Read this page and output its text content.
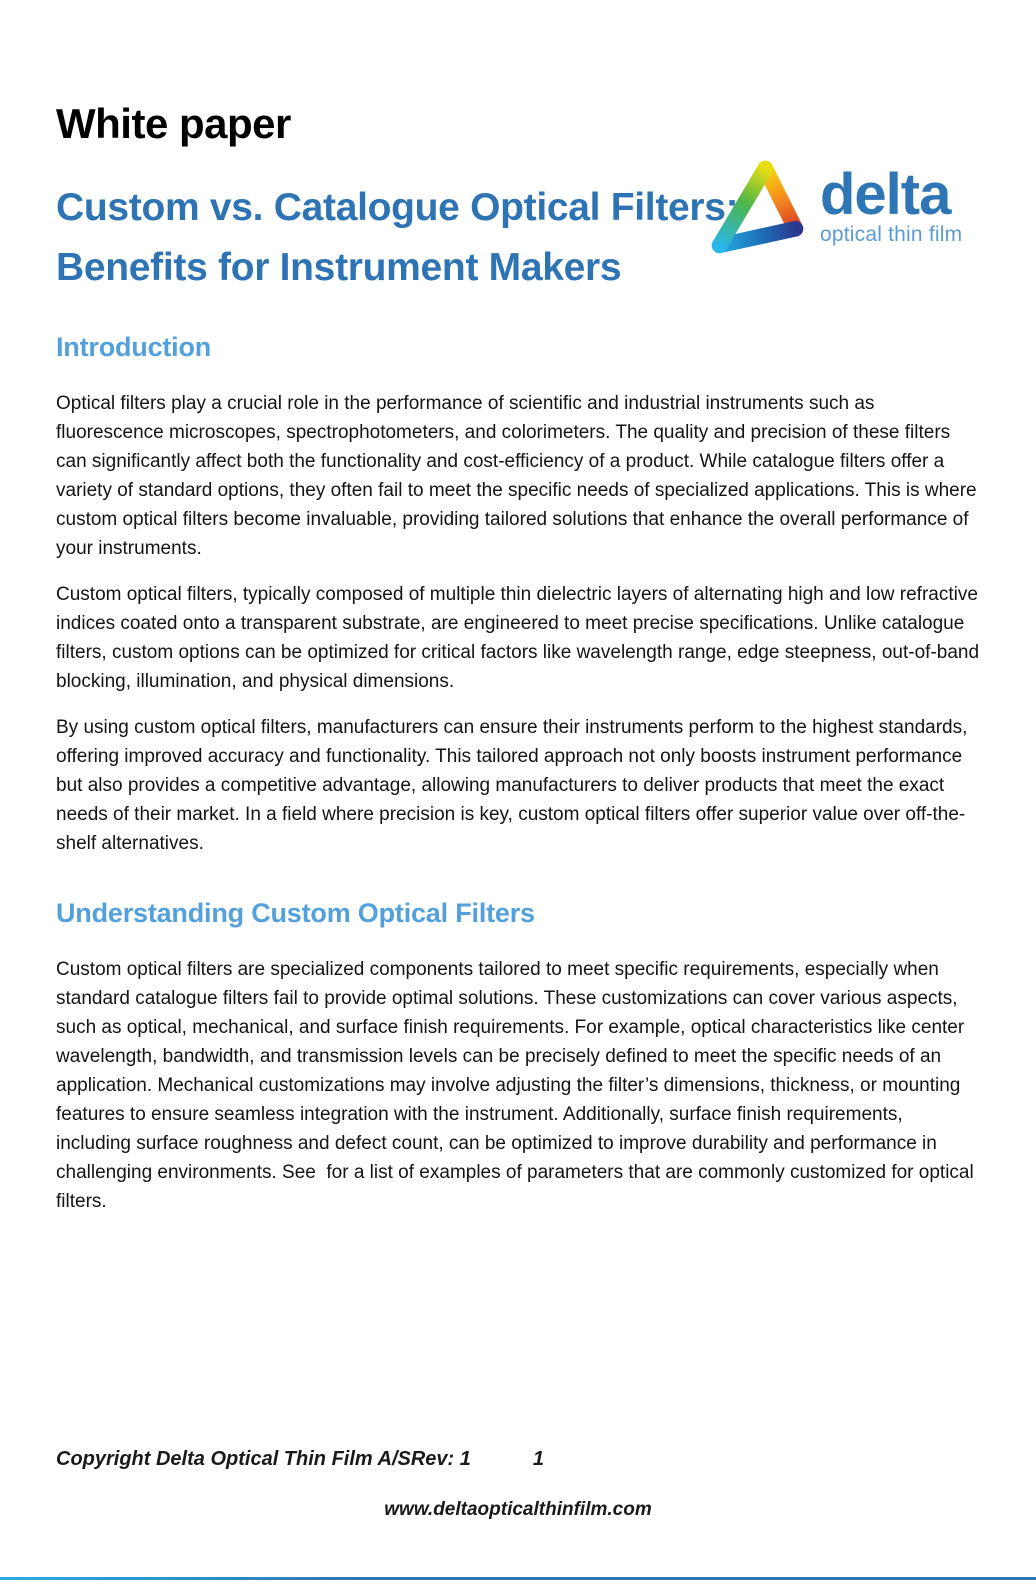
delta
optical thin film
White paper
Custom vs. Catalogue Optical Filters:
Benefits for Instrument Makers
Introduction

Optical filters play a crucial role in the performance of scientific and industrial instruments such as fluorescence microscopes, spectrophotometers, and colorimeters. The quality and precision of these filters can significantly affect both the functionality and cost-efficiency of a product. While catalogue filters offer a variety of standard options, they often fail to meet the specific needs of specialized applications. This is where custom optical filters become invaluable, providing tailored solutions that enhance the overall performance of your instruments.

Custom optical filters, typically composed of multiple thin dielectric layers of alternating high and low refractive indices coated onto a transparent substrate, are engineered to meet precise specifications. Unlike catalogue filters, custom options can be optimized for critical factors like wavelength range, edge steepness, out-of-band blocking, illumination, and physical dimensions.

By using custom optical filters, manufacturers can ensure their instruments perform to the highest standards, offering improved accuracy and functionality. This tailored approach not only boosts instrument performance but also provides a competitive advantage, allowing manufacturers to deliver products that meet the exact needs of their market. In a field where precision is key, custom optical filters offer superior value over off-the-shelf alternatives.

Understanding Custom Optical Filters

Custom optical filters are specialized components tailored to meet specific requirements, especially when standard catalogue filters fail to provide optimal solutions. These customizations can cover various aspects, such as optical, mechanical, and surface finish requirements. For example, optical characteristics like center wavelength, bandwidth, and transmission levels can be precisely defined to meet the specific needs of an application. Mechanical customizations may involve adjusting the filter’s dimensions, thickness, or mounting features to ensure seamless integration with the instrument. Additionally, surface finish requirements, including surface roughness and defect count, can be optimized to improve durability and performance in challenging environments. See  for a list of examples of parameters that are commonly customized for optical filters.

Copyright Delta Optical Thin Film A/S Rev: 1	1
www.deltaopticalthinfilm.com
